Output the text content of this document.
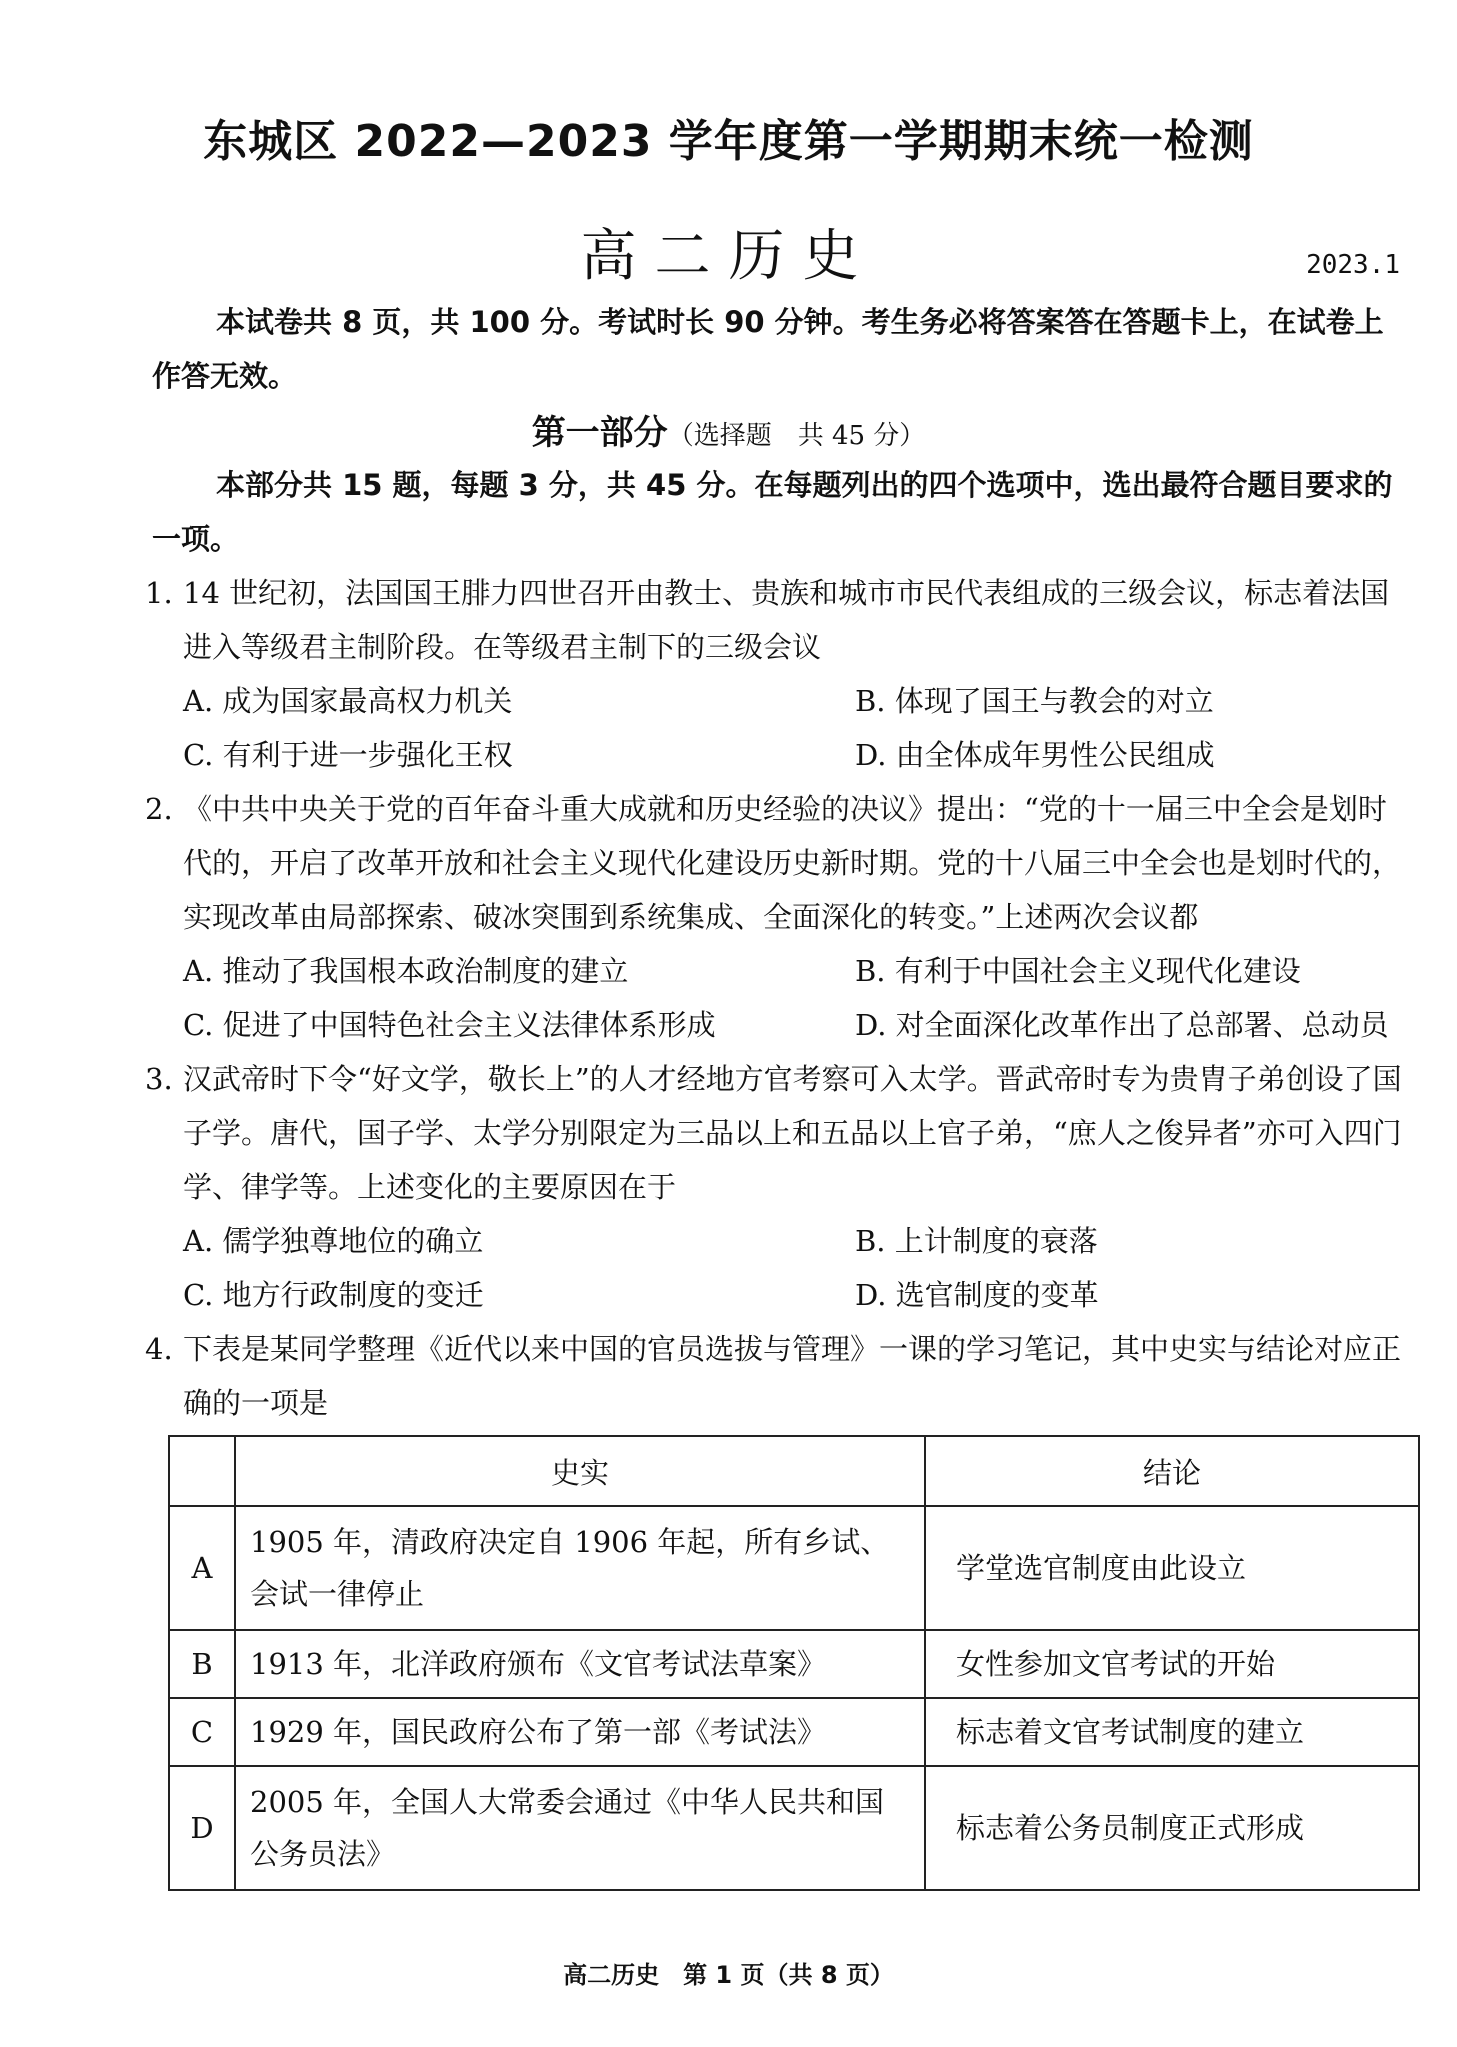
东城区 2022—2023 学年度第一学期期末统一检测
高二历史	2023.1
本试卷共 8 页，共 100 分。考试时长 90 分钟。考生务必将答案答在答题卡上，在试卷上作答无效。
第一部分（选择题　共 45 分）
本部分共 15 题，每题 3 分，共 45 分。在每题列出的四个选项中，选出最符合题目要求的一项。
1. 14 世纪初，法国国王腓力四世召开由教士、贵族和城市市民代表组成的三级会议，标志着法国进入等级君主制阶段。在等级君主制下的三级会议
A. 成为国家最高权力机关	B. 体现了国王与教会的对立
C. 有利于进一步强化王权	D. 由全体成年男性公民组成
2. 《中共中央关于党的百年奋斗重大成就和历史经验的决议》提出：“党的十一届三中全会是划时代的，开启了改革开放和社会主义现代化建设历史新时期。党的十八届三中全会也是划时代的，实现改革由局部探索、破冰突围到系统集成、全面深化的转变。”上述两次会议都
A. 推动了我国根本政治制度的建立	B. 有利于中国社会主义现代化建设
C. 促进了中国特色社会主义法律体系形成	D. 对全面深化改革作出了总部署、总动员
3. 汉武帝时下令“好文学，敬长上”的人才经地方官考察可入太学。晋武帝时专为贵胄子弟创设了国子学。唐代，国子学、太学分别限定为三品以上和五品以上官子弟，“庶人之俊异者”亦可入四门学、律学等。上述变化的主要原因在于
A. 儒学独尊地位的确立	B. 上计制度的衰落
C. 地方行政制度的变迁	D. 选官制度的变革
4. 下表是某同学整理《近代以来中国的官员选拔与管理》一课的学习笔记，其中史实与结论对应正确的一项是
	史实	结论
A	1905 年，清政府决定自 1906 年起，所有乡试、会试一律停止	学堂选官制度由此设立
B	1913 年，北洋政府颁布《文官考试法草案》	女性参加文官考试的开始
C	1929 年，国民政府公布了第一部《考试法》	标志着文官考试制度的建立
D	2005 年，全国人大常委会通过《中华人民共和国公务员法》	标志着公务员制度正式形成
高二历史　第 1 页（共 8 页）
